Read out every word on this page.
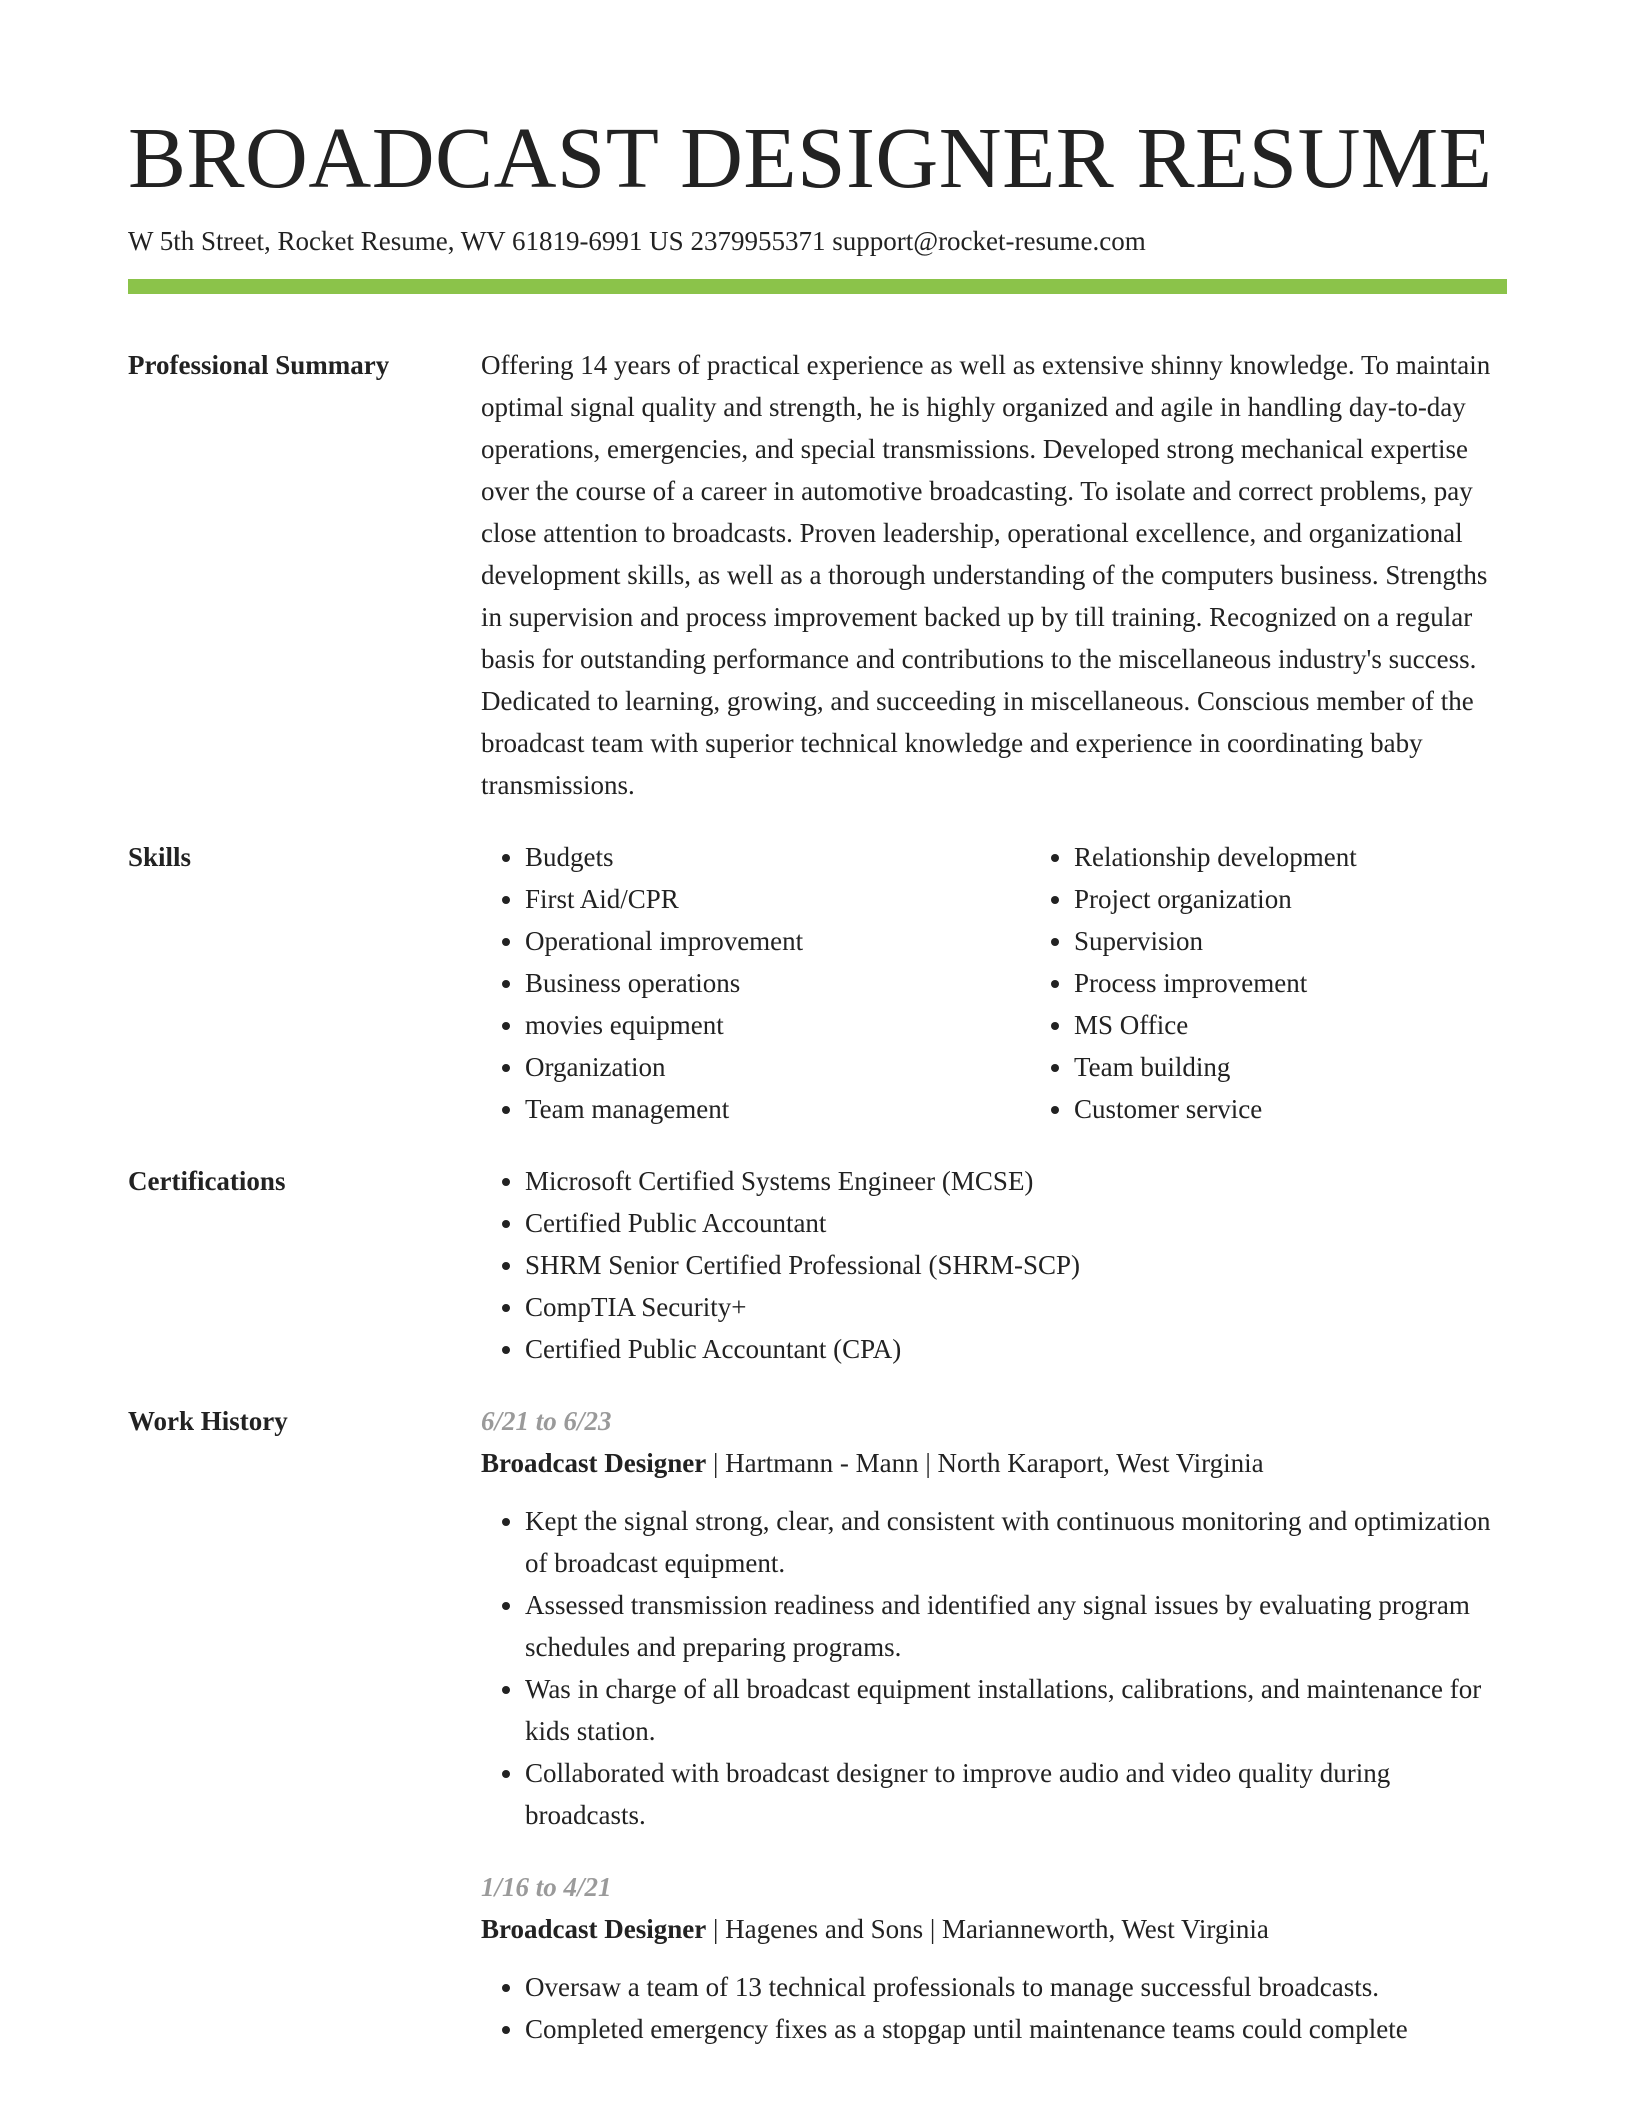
BROADCAST DESIGNER RESUME
W 5th Street, Rocket Resume, WV 61819-6991 US 2379955371 support@rocket-resume.com
Professional Summary	Offering 14 years of practical experience as well as extensive shinny knowledge. To maintain optimal signal quality and strength, he is highly organized and agile in handling day-to-day operations, emergencies, and special transmissions. Developed strong mechanical expertise over the course of a career in automotive broadcasting. To isolate and correct problems, pay close attention to broadcasts. Proven leadership, operational excellence, and organizational development skills, as well as a thorough understanding of the computers business. Strengths in supervision and process improvement backed up by till training. Recognized on a regular basis for outstanding performance and contributions to the miscellaneous industry's success. Dedicated to learning, growing, and succeeding in miscellaneous. Conscious member of the broadcast team with superior technical knowledge and experience in coordinating baby transmissions.
Skills	• Budgets
• First Aid/CPR
• Operational improvement
• Business operations
• movies equipment
• Organization
• Team management
• Relationship development
• Project organization
• Supervision
• Process improvement
• MS Office
• Team building
• Customer service
Certifications	• Microsoft Certified Systems Engineer (MCSE)
• Certified Public Accountant
• SHRM Senior Certified Professional (SHRM-SCP)
• CompTIA Security+
• Certified Public Accountant (CPA)
Work History	6/21 to 6/23
Broadcast Designer | Hartmann - Mann | North Karaport, West Virginia
• Kept the signal strong, clear, and consistent with continuous monitoring and optimization of broadcast equipment.
• Assessed transmission readiness and identified any signal issues by evaluating program schedules and preparing programs.
• Was in charge of all broadcast equipment installations, calibrations, and maintenance for kids station.
• Collaborated with broadcast designer to improve audio and video quality during broadcasts.
1/16 to 4/21
Broadcast Designer | Hagenes and Sons | Marianneworth, West Virginia
• Oversaw a team of 13 technical professionals to manage successful broadcasts.
• Completed emergency fixes as a stopgap until maintenance teams could complete
